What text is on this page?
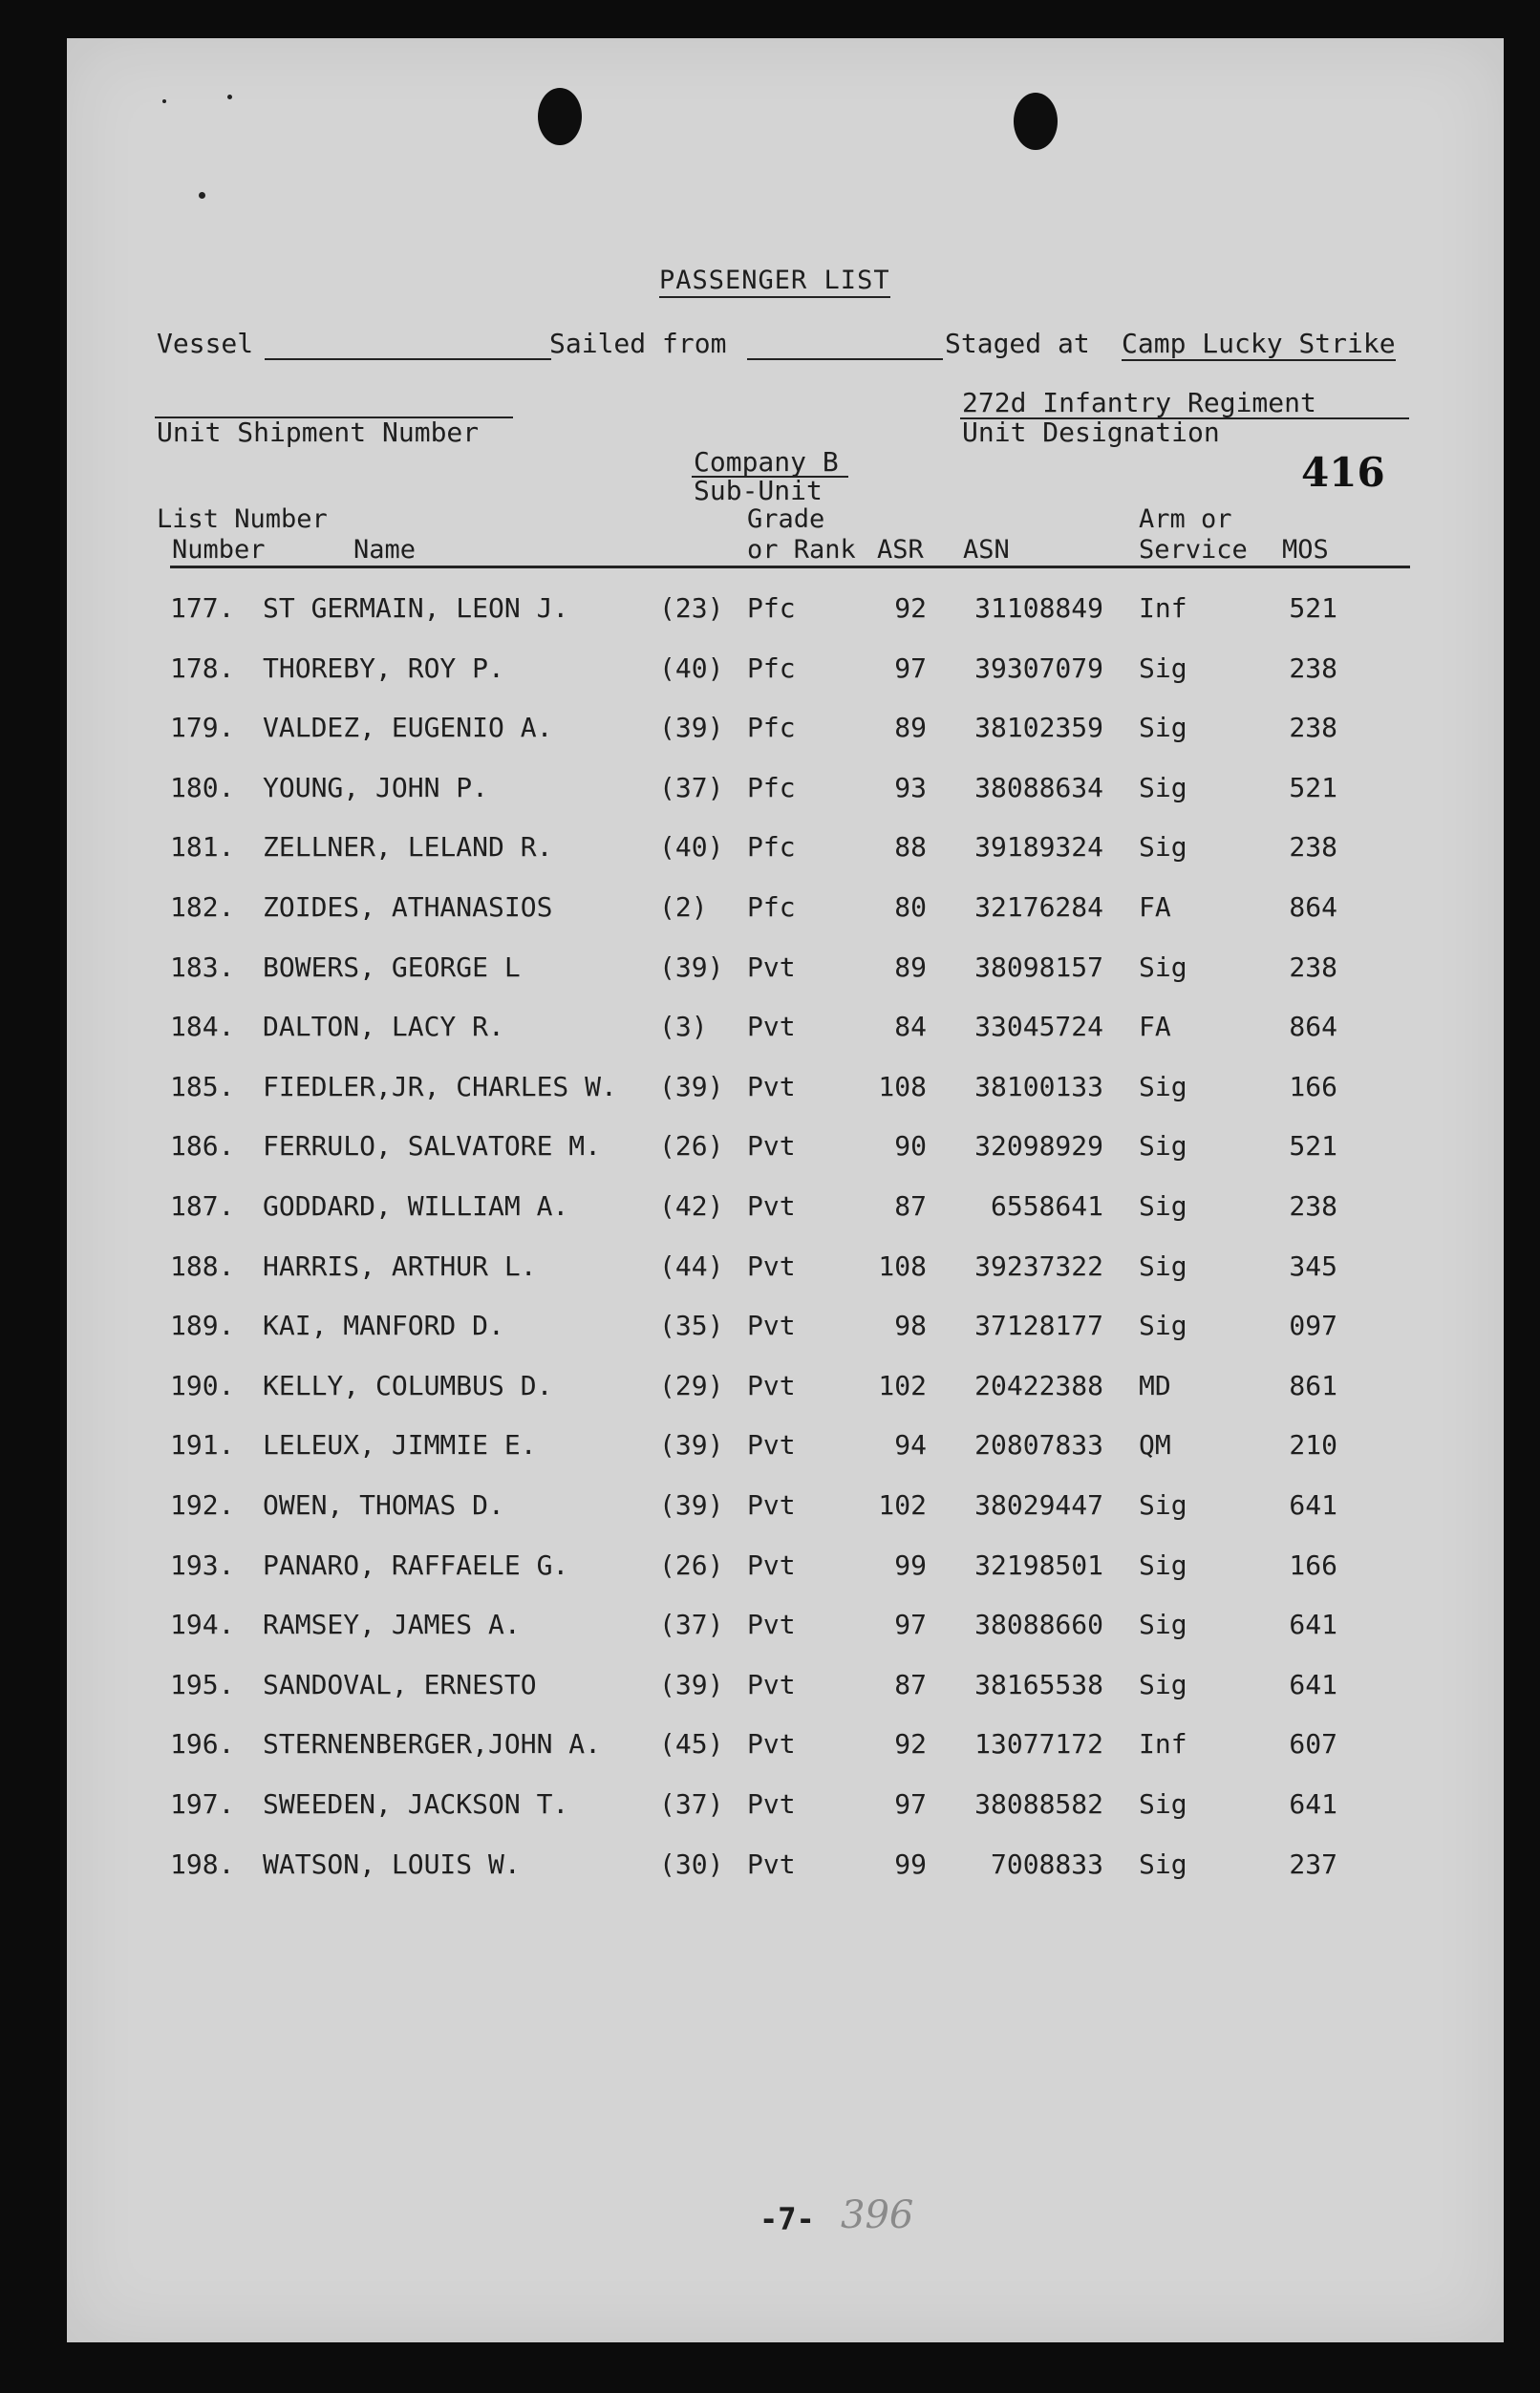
PASSENGER LIST
Vessel	Sailed from	Staged at Camp Lucky Strike
272d Infantry Regiment
Unit Designation
Unit Shipment Number
Company B
Sub-Unit	416
List Number
Number	Name
Grade
or Rank ASR ASN
Arm or
Service MOS
177. ST GERMAIN, LEON J.	(23) Pfc	92	31108849 Inf	521
178. THOREBY, ROY P.	(40) Pfc	97	39307079 Sig	238
179. VALDEZ, EUGENIO A.	(39) Pfc	89	38102359 Sig	238
180. YOUNG, JOHN P.	(37) Pfc	93	38088634 Sig	521
181. ZELLNER, LELAND R.	(40) Pfc	88	39189324 Sig	238
182. ZOIDES, ATHANASIOS	(2) Pfc	80	32176284 FA	864
183. BOWERS, GEORGE L	(39) Pvt	89	38098157 Sig	238
184. DALTON, LACY R.	(3) Pvt	84	33045724 FA	864
185. FIEDLER,JR, CHARLES W. (39) Pvt	108	38100133 Sig	166
186. FERRULO, SALVATORE M. (26) Pvt	90	32098929 Sig	521
187. GODDARD, WILLIAM A.	(42) Pvt	87	6558641 Sig	238
188. HARRIS, ARTHUR L.	(44) Pvt	108	39237322 Sig	345
189. KAI, MANFORD D.	(35) Pvt	98	37128177 Sig	097
190. KELLY, COLUMBUS D.	(29) Pvt	102	20422388 MD	861
191. LELEUX, JIMMIE E.	(39) Pvt	94	20807833 QM	210
192. OWEN, THOMAS D.	(39) Pvt	102	38029447 Sig	641
193. PANARO, RAFFAELE G.	(26) Pvt	99	32198501 Sig	166
194. RAMSEY, JAMES A.	(37) Pvt	97	38088660 Sig	641
195. SANDOVAL, ERNESTO	(39) Pvt	87	38165538 Sig	641
196. STERNENBERGER,JOHN A. (45) Pvt	92	13077172 Inf	607
197. SWEEDEN, JACKSON T.	(37) Pvt	97	38088582 Sig	641
198. WATSON, LOUIS W.	(30) Pvt	99	7008833 Sig	237
-7- 396
